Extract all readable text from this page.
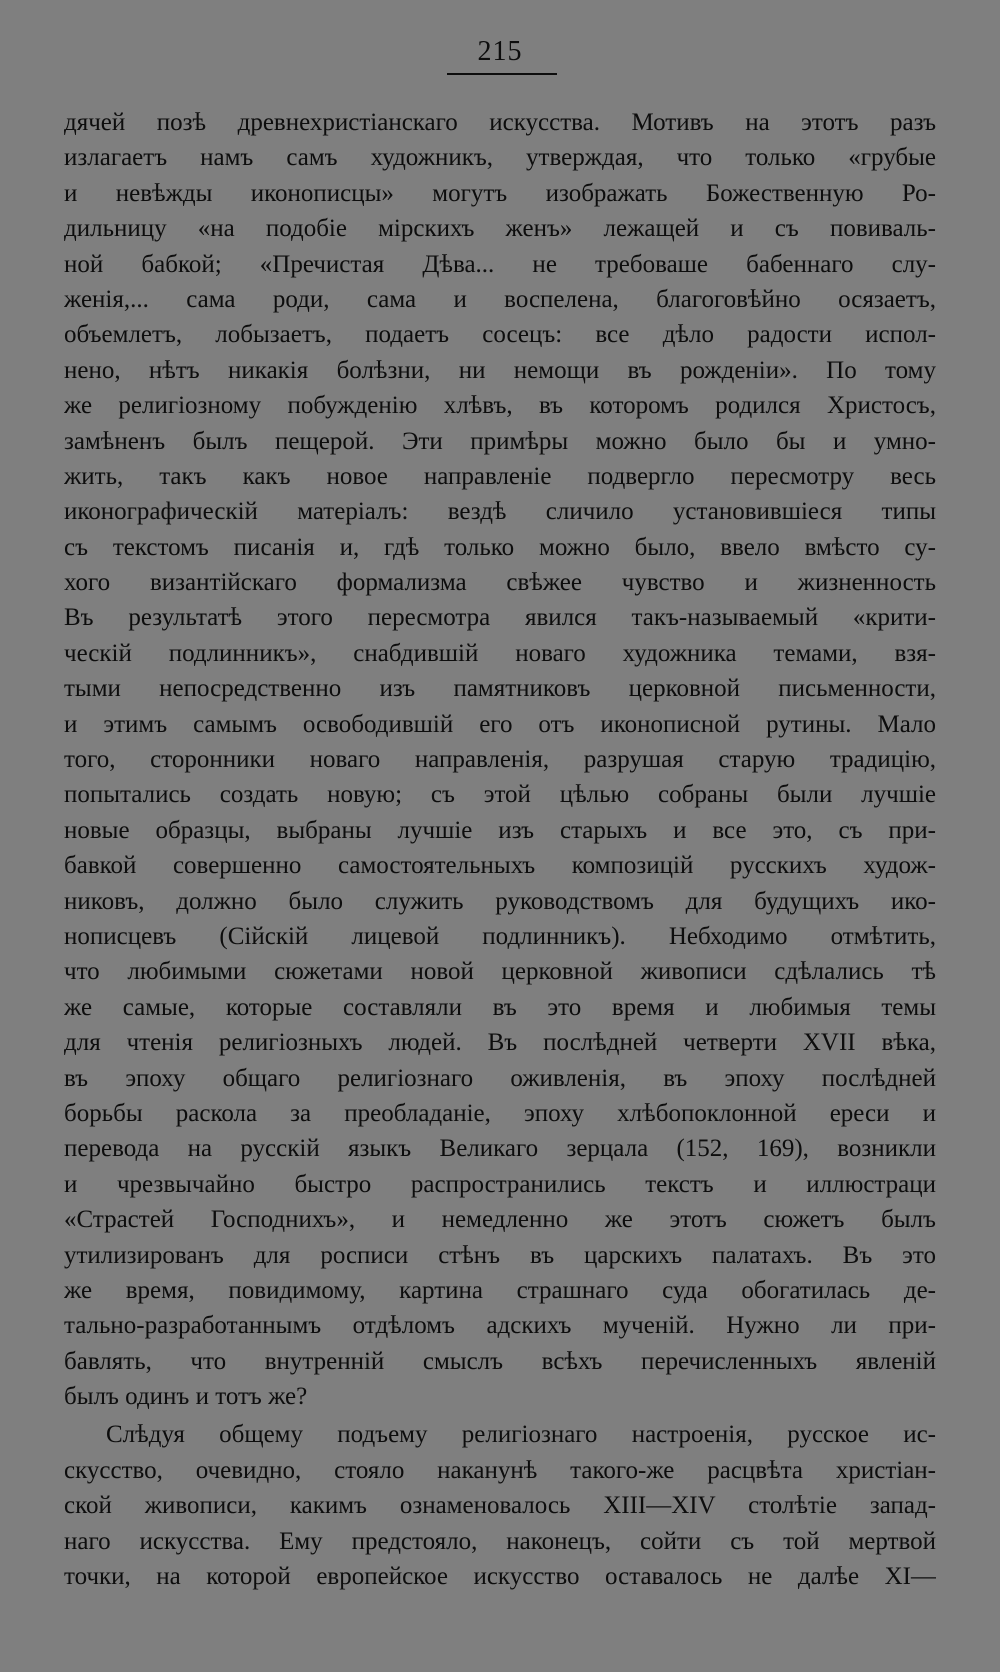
215
дячей позѣ древнехристіанскаго искусства. Мотивъ на этотъ разъ
излагаетъ намъ самъ художникъ, утверждая, что только «грубые
и невѣжды иконописцы» могутъ изображать Божественную Ро-
дильницу «на подобіе мірскихъ женъ» лежащей и съ повиваль-
ной бабкой; «Пречистая Дѣва... не требоваше бабеннаго слу-
женія,... сама роди, сама и воспелена, благоговѣйно осязаетъ,
объемлетъ, лобызаетъ, подаетъ сосецъ: все дѣло радости испол-
нено, нѣтъ никакія болѣзни, ни немощи въ рожденіи». По тому
же религіозному побужденію хлѣвъ, въ которомъ родился Христосъ,
замѣненъ былъ пещерой. Эти примѣры можно было бы и умно-
жить, такъ какъ новое направленіе подвергло пересмотру весь
иконографическій матеріалъ: вездѣ сличило установившіеся типы
съ текстомъ писанія и, гдѣ только можно было, ввело вмѣсто су-
хого византійскаго формализма свѣжее чувство и жизненность
Въ результатѣ этого пересмотра явился такъ-называемый «крити-
ческій подлинникъ», снабдившій новаго художника темами, взя-
тыми непосредственно изъ памятниковъ церковной письменности,
и этимъ самымъ освободившій его отъ иконописной рутины. Мало
того, сторонники новаго направленія, разрушая старую традицію,
попытались создать новую; съ этой цѣлью собраны были лучшіе
новые образцы, выбраны лучшіе изъ старыхъ и все это, съ при-
бавкой совершенно самостоятельныхъ композицій русскихъ худож-
никовъ, должно было служить руководствомъ для будущихъ ико-
нописцевъ (Сійскій лицевой подлинникъ). Небходимо отмѣтить,
что любимыми сюжетами новой церковной живописи сдѣлались тѣ
же самые, которые составляли въ это время и любимыя темы
для чтенія религіозныхъ людей. Въ послѣдней четверти XVII вѣка,
въ эпоху общаго религіознаго оживленія, въ эпоху послѣдней
борьбы раскола за преобладаніе, эпоху хлѣбопоклонной ереси и
перевода на русскій языкъ Великаго зерцала (152, 169), возникли
и чрезвычайно быстро распространились текстъ и иллюстраци
«Страстей Господнихъ», и немедленно же этотъ сюжетъ былъ
утилизированъ для росписи стѣнъ въ царскихъ палатахъ. Въ это
же время, повидимому, картина страшнаго суда обогатилась де-
тально-разработаннымъ отдѣломъ адскихъ мученій. Нужно ли при-
бавлять, что внутренній смыслъ всѣхъ перечисленныхъ явленій
былъ одинъ и тотъ же?
Слѣдуя общему подъему религіознаго настроенія, русское ис-
скусство, очевидно, стояло наканунѣ такого-же расцвѣта христіан-
ской живописи, какимъ ознаменовалось XIII—XIV столѣтіе запад-
наго искусства. Ему предстояло, наконецъ, сойти съ той мертвой
точки, на которой европейское искусство оставалось не далѣе XI—
